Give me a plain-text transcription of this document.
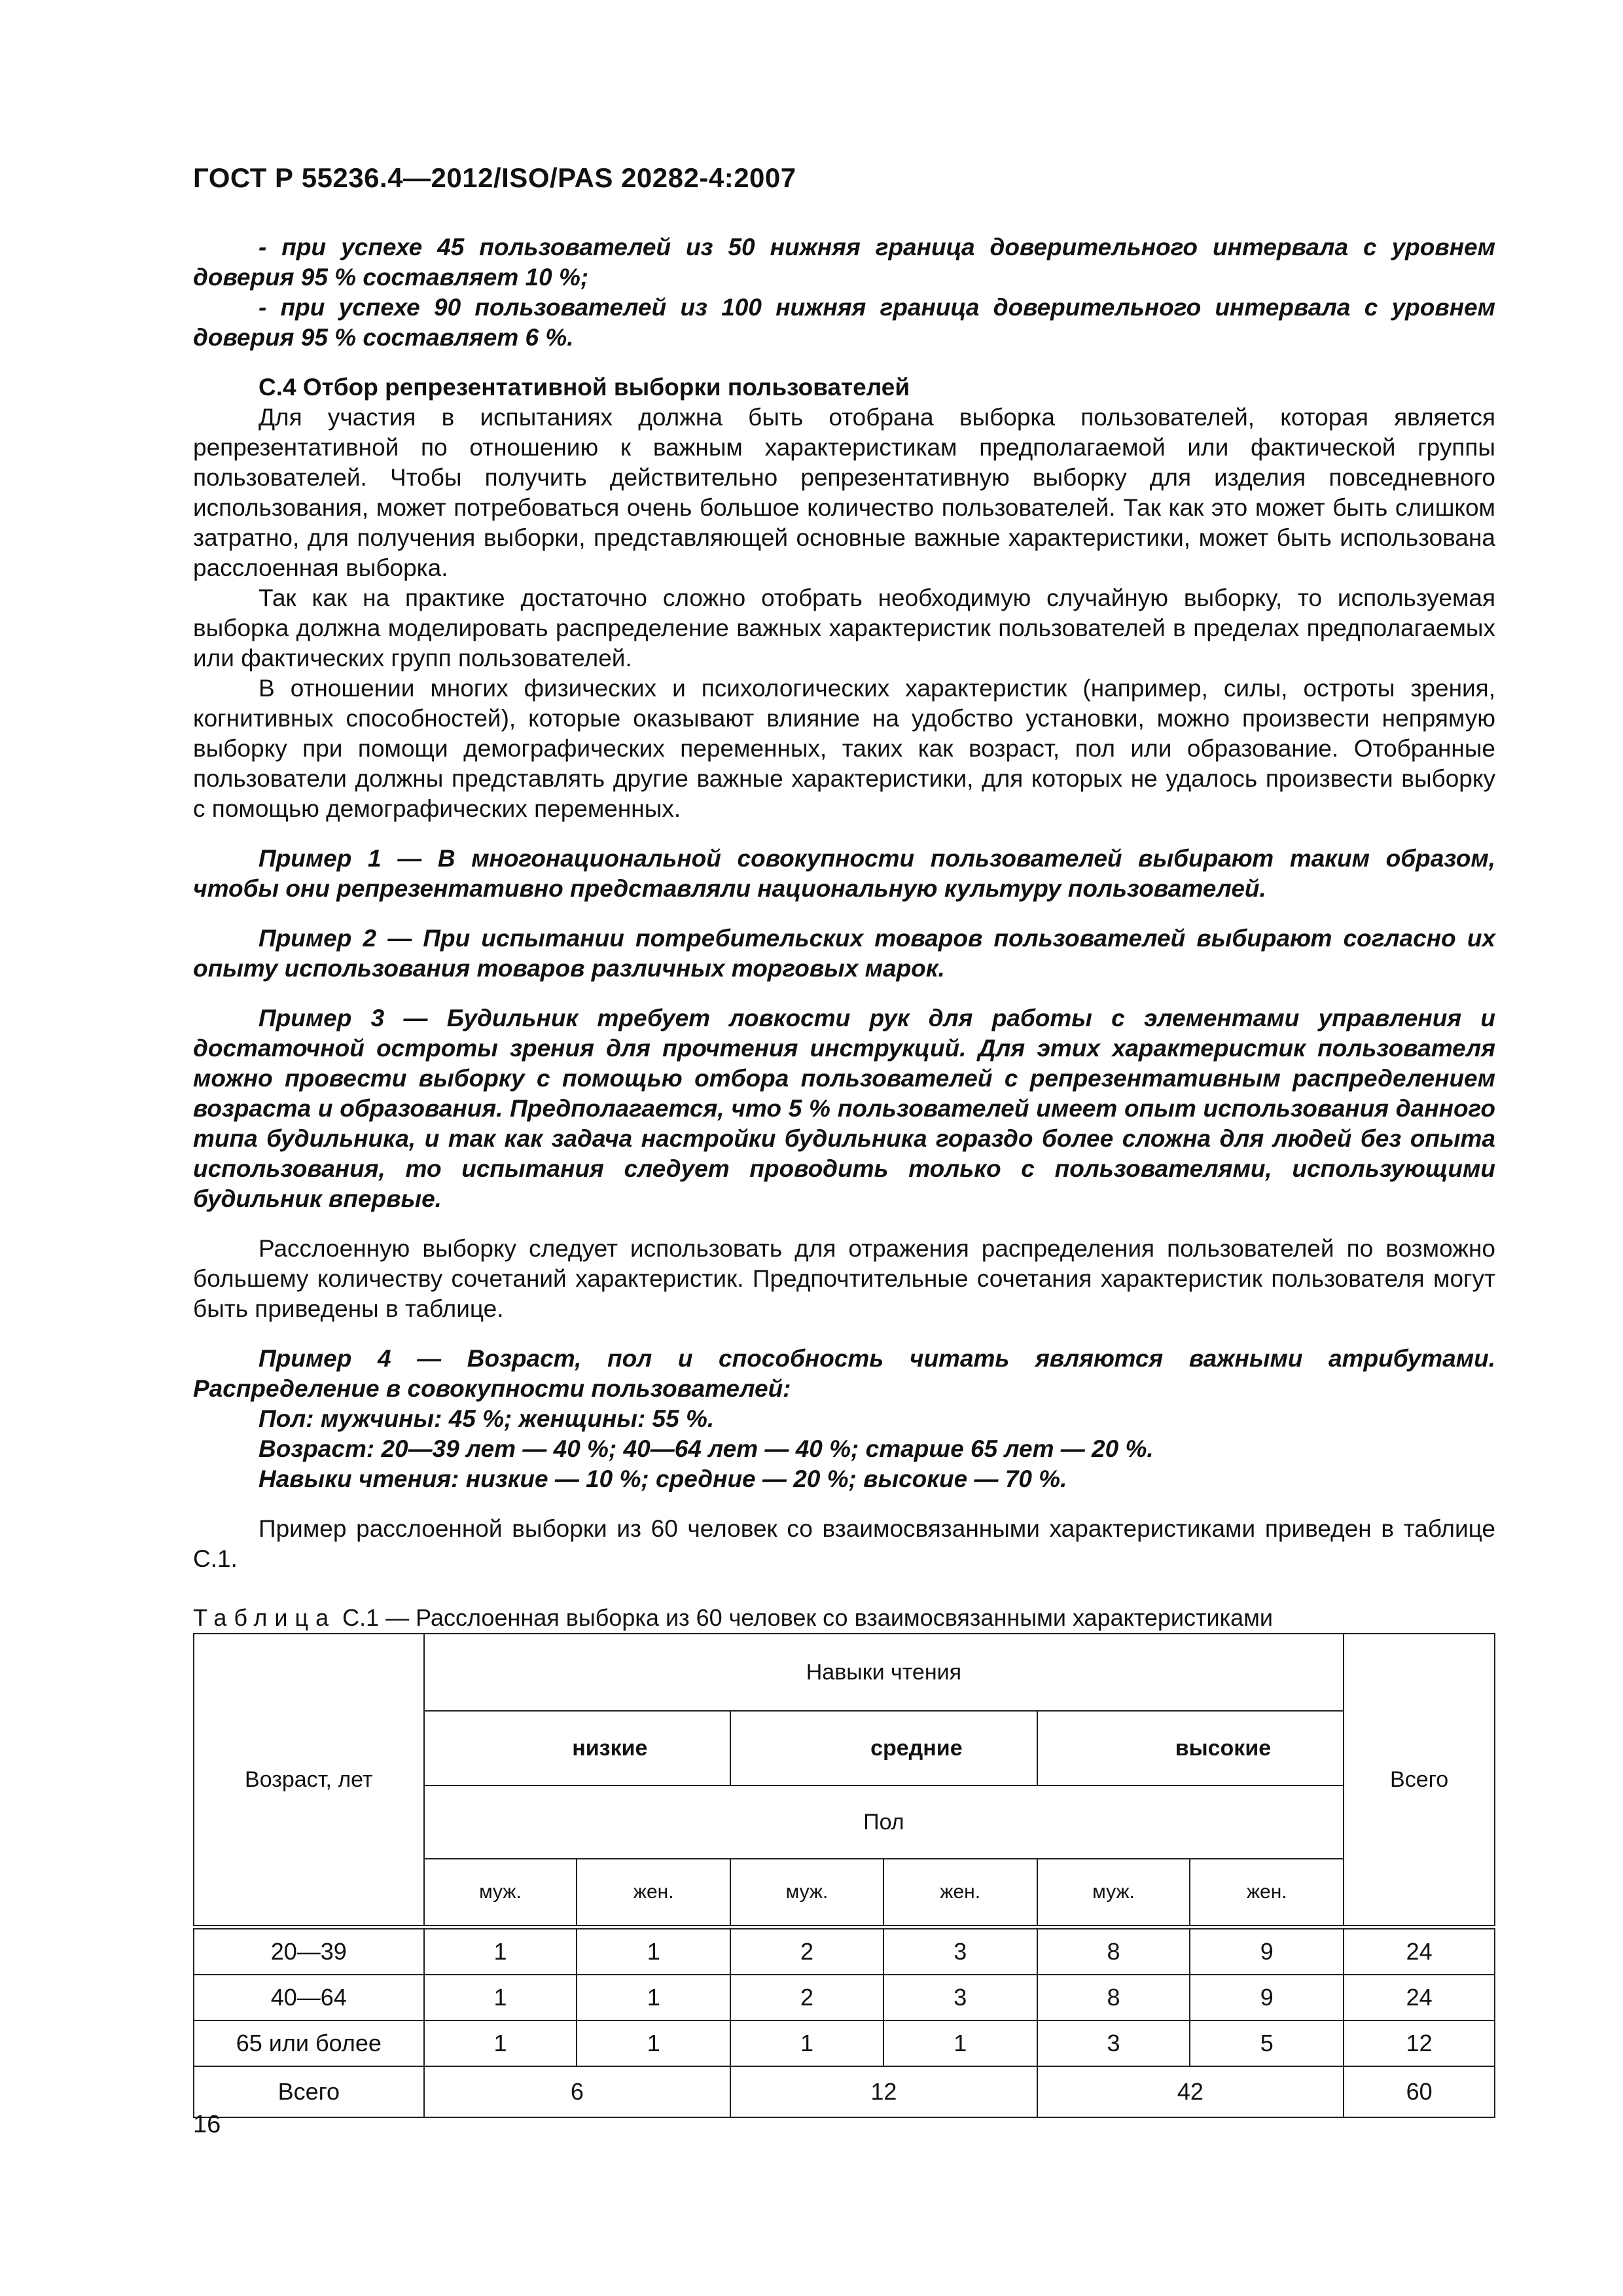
ГОСТ Р 55236.4—2012/ISO/PAS 20282-4:2007

- при успехе 45 пользователей из 50 нижняя граница доверительного интервала с уровнем доверия 95 % составляет 10 %;

- при успехе 90 пользователей из 100 нижняя граница доверительного интервала с уровнем доверия 95 % составляет 6 %.

С.4 Отбор репрезентативной выборки пользователей

Для участия в испытаниях должна быть отобрана выборка пользователей, которая является репрезентативной по отношению к важным характеристикам предполагаемой или фактической группы пользователей. Чтобы получить действительно репрезентативную выборку для изделия повседневного использования, может потребоваться очень большое количество пользователей. Так как это может быть слишком затратно, для получения выборки, представляющей основные важные характеристики, может быть использована расслоенная выборка.

Так как на практике достаточно сложно отобрать необходимую случайную выборку, то используемая выборка должна моделировать распределение важных характеристик пользователей в пределах предполагаемых или фактических групп пользователей.

В отношении многих физических и психологических характеристик (например, силы, остроты зрения, когнитивных способностей), которые оказывают влияние на удобство установки, можно произвести непрямую выборку при помощи демографических переменных, таких как возраст, пол или образование. Отобранные пользователи должны представлять другие важные характеристики, для которых не удалось произвести выборку с помощью демографических переменных.

Пример 1 — В многонациональной совокупности пользователей выбирают таким образом, чтобы они репрезентативно представляли национальную культуру пользователей.

Пример 2 — При испытании потребительских товаров пользователей выбирают согласно их опыту использования товаров различных торговых марок.

Пример 3 — Будильник требует ловкости рук для работы с элементами управления и достаточной остроты зрения для прочтения инструкций. Для этих характеристик пользователя можно провести выборку с помощью отбора пользователей с репрезентативным распределением возраста и образования. Предполагается, что 5 % пользователей имеет опыт использования данного типа будильника, и так как задача настройки будильника гораздо более сложна для людей без опыта использования, то испытания следует проводить только с пользователями, использующими будильник впервые.

Расслоенную выборку следует использовать для отражения распределения пользователей по возможно большему количеству сочетаний характеристик. Предпочтительные сочетания характеристик пользователя могут быть приведены в таблице.

Пример 4 — Возраст, пол и способность читать являются важными атрибутами. Распределение в совокупности пользователей:

Пол: мужчины: 45 %; женщины: 55 %.

Возраст: 20—39 лет — 40 %; 40—64 лет — 40 %; старше 65 лет — 20 %.

Навыки чтения: низкие — 10 %; средние — 20 %; высокие — 70 %.

Пример расслоенной выборки из 60 человек со взаимосвязанными характеристиками приведен в таблице С.1.

Таблица С.1 — Расслоенная выборка из 60 человек со взаимосвязанными характеристиками

Возраст, лет	Навыки чтения						Всего
	низкие		средние		высокие		
	Пол						
	муж.	жен.	муж.	жен.	муж.	жен.	
20—39	1	1	2	3	8	9	24
40—64	1	1	2	3	8	9	24
65 или более	1	1	1	1	3	5	12
Всего	6		12		42		60
16
